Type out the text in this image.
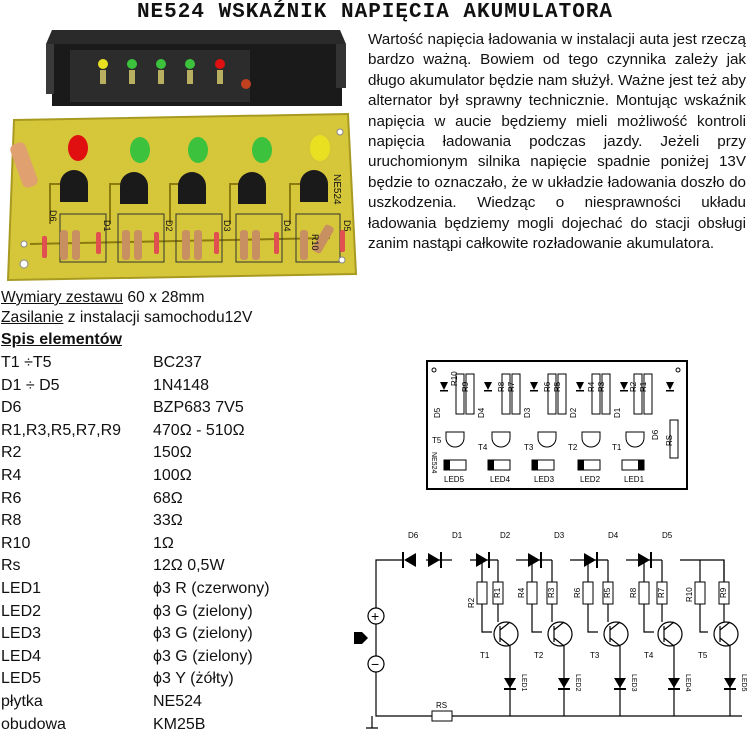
NE524 WSKAŹNIK NAPIĘCIA AKUMULATORA
NE524
D6
D1	D2	D3	D4	D5
R10
Wartość napięcia ładowania w instalacji auta jest rzeczą bardzo ważną. Bowiem od tego czynnika zależy jak długo akumulator będzie nam służył. Ważne jest też aby alternator był sprawny technicznie. Montując wskaźnik napięcia w aucie będziemy mieli możliwość kontroli napięcia ładowania podczas jazdy. Jeżeli przy uruchomionym silnika napięcie spadnie poniżej 13V będzie to oznaczało, że w układzie ładowania doszło do uszkodzenia. Wiedząc o niesprawności układu ładowania będziemy mogli dojechać do stacji obsługi zanim nastąpi całkowite rozładowanie akumulatora.
Wymiary zestawu 60 x 28mm
Zasilanie z instalacji samochodu12V
Spis elementów
T1 ÷T5	BC237
D1 ÷ D5	1N4148
D6	BZP683 7V5
R1,R3,R5,R7,R9 470Ω - 510Ω
R2	150Ω
R4	100Ω
R6	68Ω
R8	33Ω
R10	1Ω
Rs	12Ω 0,5W
LED1	ϕ3 R (czerwony)
LED2	ϕ3 G (zielony)
LED3	ϕ3 G (zielony)
LED4	ϕ3 G (zielony)
LED5	ϕ3 Y (żółty)
płytka	NE524
obudowa	KM25B
R10
R9	R8 R7	R6 R5	R4 R3	R2 R1
RS
D5	D4	D3	D2	D1
D6
T5
T4	T3	T2	T1
NE524
LED5	LED4	LED3	LED2	LED1
D6	D1	D2	D3	D4	D5
R2
R1 R4	R3 R6	R5 R8 R7 R10	R9
RS
T1	T2	T3	T4	T5
LED1	LED2	LED3	LED4	LED5
+
−
